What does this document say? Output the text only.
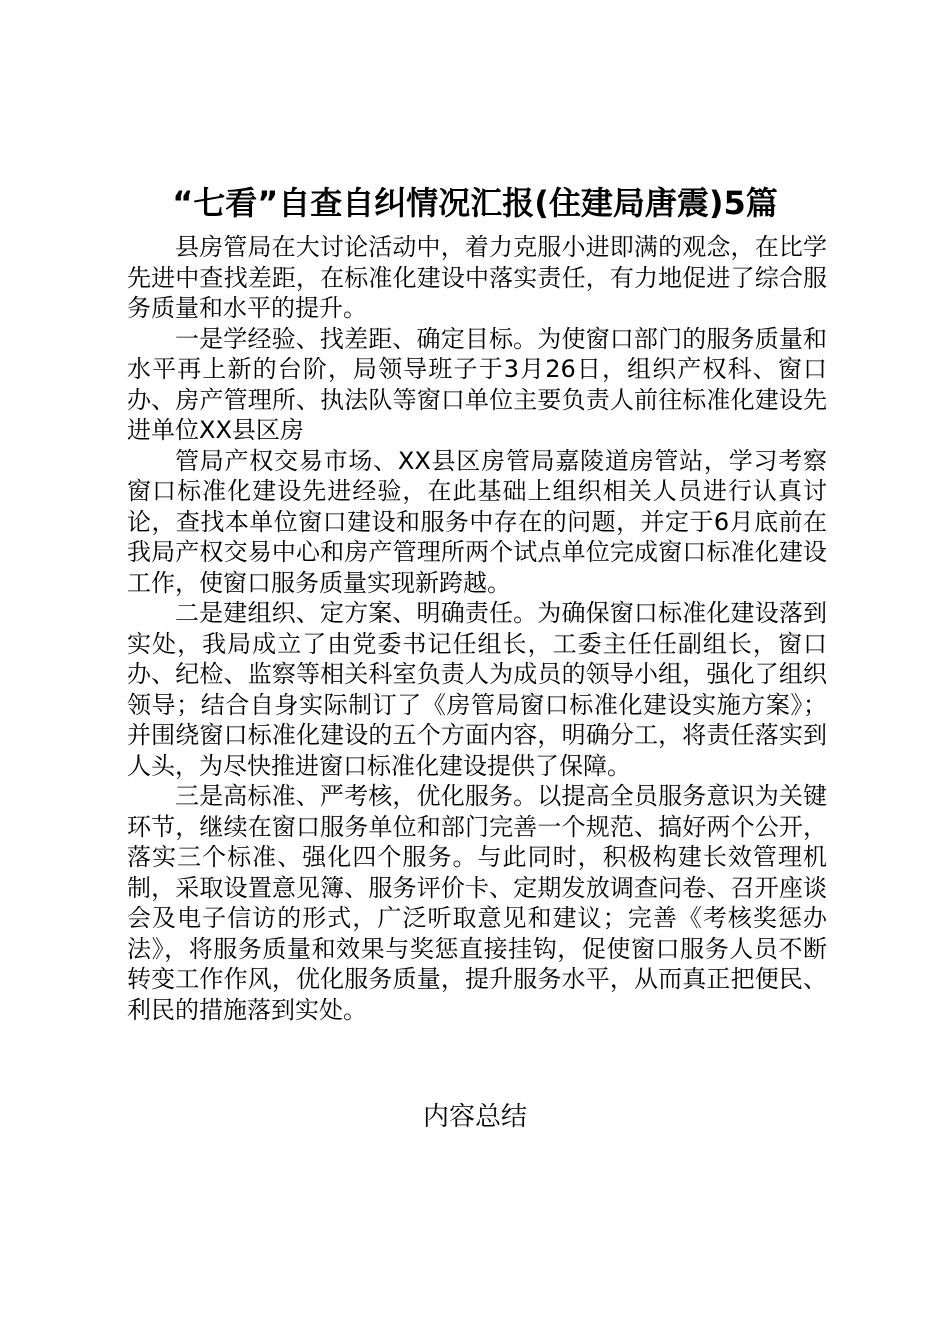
“七看”自查自纠情况汇报(住建局唐震)5篇

县房管局在大讨论活动中，着力克服小进即满的观念，在比学先进中查找差距，在标准化建设中落实责任，有力地促进了综合服务质量和水平的提升。

一是学经验、找差距、确定目标。为使窗口部门的服务质量和水平再上新的台阶，局领导班子于3月26日，组织产权科、窗口办、房产管理所、执法队等窗口单位主要负责人前往标准化建设先进单位XX县区房

管局产权交易市场、XX县区房管局嘉陵道房管站，学习考察窗口标准化建设先进经验，在此基础上组织相关人员进行认真讨论，查找本单位窗口建设和服务中存在的问题，并定于6月底前在我局产权交易中心和房产管理所两个试点单位完成窗口标准化建设工作，使窗口服务质量实现新跨越。

二是建组织、定方案、明确责任。为确保窗口标准化建设落到实处，我局成立了由党委书记任组长，工委主任任副组长，窗口办、纪检、监察等相关科室负责人为成员的领导小组，强化了组织领导；结合自身实际制订了《房管局窗口标准化建设实施方案》；并围绕窗口标准化建设的五个方面内容，明确分工，将责任落实到人头，为尽快推进窗口标准化建设提供了保障。

三是高标准、严考核，优化服务。以提高全员服务意识为关键环节，继续在窗口服务单位和部门完善一个规范、搞好两个公开，落实三个标准、强化四个服务。与此同时，积极构建长效管理机制，采取设置意见簿、服务评价卡、定期发放调查问卷、召开座谈会及电子信访的形式，广泛听取意见和建议；完善《考核奖惩办法》，将服务质量和效果与奖惩直接挂钩，促使窗口服务人员不断转变工作作风，优化服务质量，提升服务水平，从而真正把便民、利民的措施落到实处。

内容总结
